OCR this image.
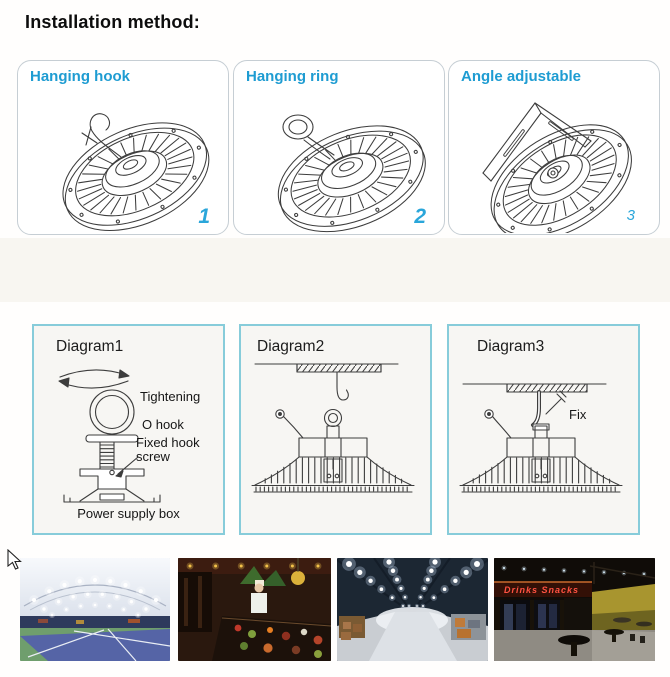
Installation method:
Hanging hook
1
Hanging ring
2
Angle adjustable
3
Diagram1
Tightening
O hook
Fixed hook screw
Power supply box
Diagram2	Diagram3
Fix
Drinks Snacks
